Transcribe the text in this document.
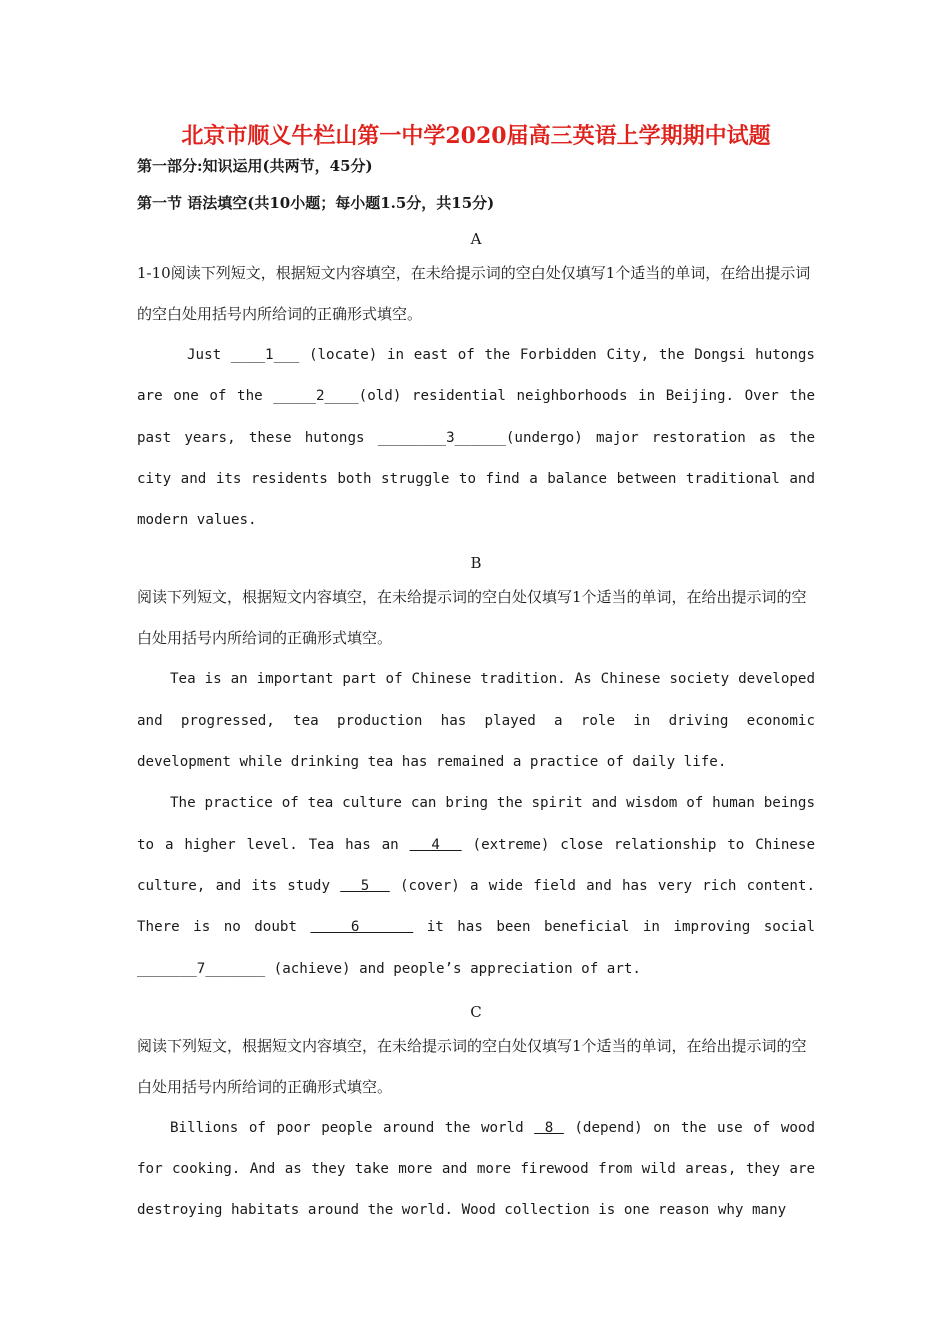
北京市顺义牛栏山第一中学2020届高三英语上学期期中试题

第一部分:知识运用(共两节，45分)

第一节 语法填空(共10小题；每小题1.5分，共15分)

A

1-10阅读下列短文，根据短文内容填空，在未给提示词的空白处仅填写1个适当的单词，在给出提示词的空白处用括号内所给词的正确形式填空。

Just ____1___ (locate) in east of the Forbidden City, the Dongsi hutongs are one of the _____2____(old) residential neighborhoods in Beijing. Over the past years, these hutongs ________3______(undergo) major restoration as the city and its residents both struggle to find a balance between traditional and modern values.

B

阅读下列短文，根据短文内容填空，在未给提示词的空白处仅填写1个适当的单词，在给出提示词的空白处用括号内所给词的正确形式填空。

Tea is an important part of Chinese tradition. As Chinese society developed and progressed, tea production has played a role in driving economic development while drinking tea has remained a practice of daily life.

The practice of tea culture can bring the spirit and wisdom of human beings to a higher level. Tea has an   4   (extreme) close relationship to Chinese culture, and its study   5   (cover) a wide field and has very rich content. There is no doubt    6     it has been beneficial in improving social _______7_______ (achieve) and people’s appreciation of art.

C

阅读下列短文，根据短文内容填空，在未给提示词的空白处仅填写1个适当的单词，在给出提示词的空白处用括号内所给词的正确形式填空。

Billions of poor people around the world  8  (depend) on the use of wood for cooking. And as they take more and more firewood from wild areas, they are destroying habitats around the world. Wood collection is one reason why many
